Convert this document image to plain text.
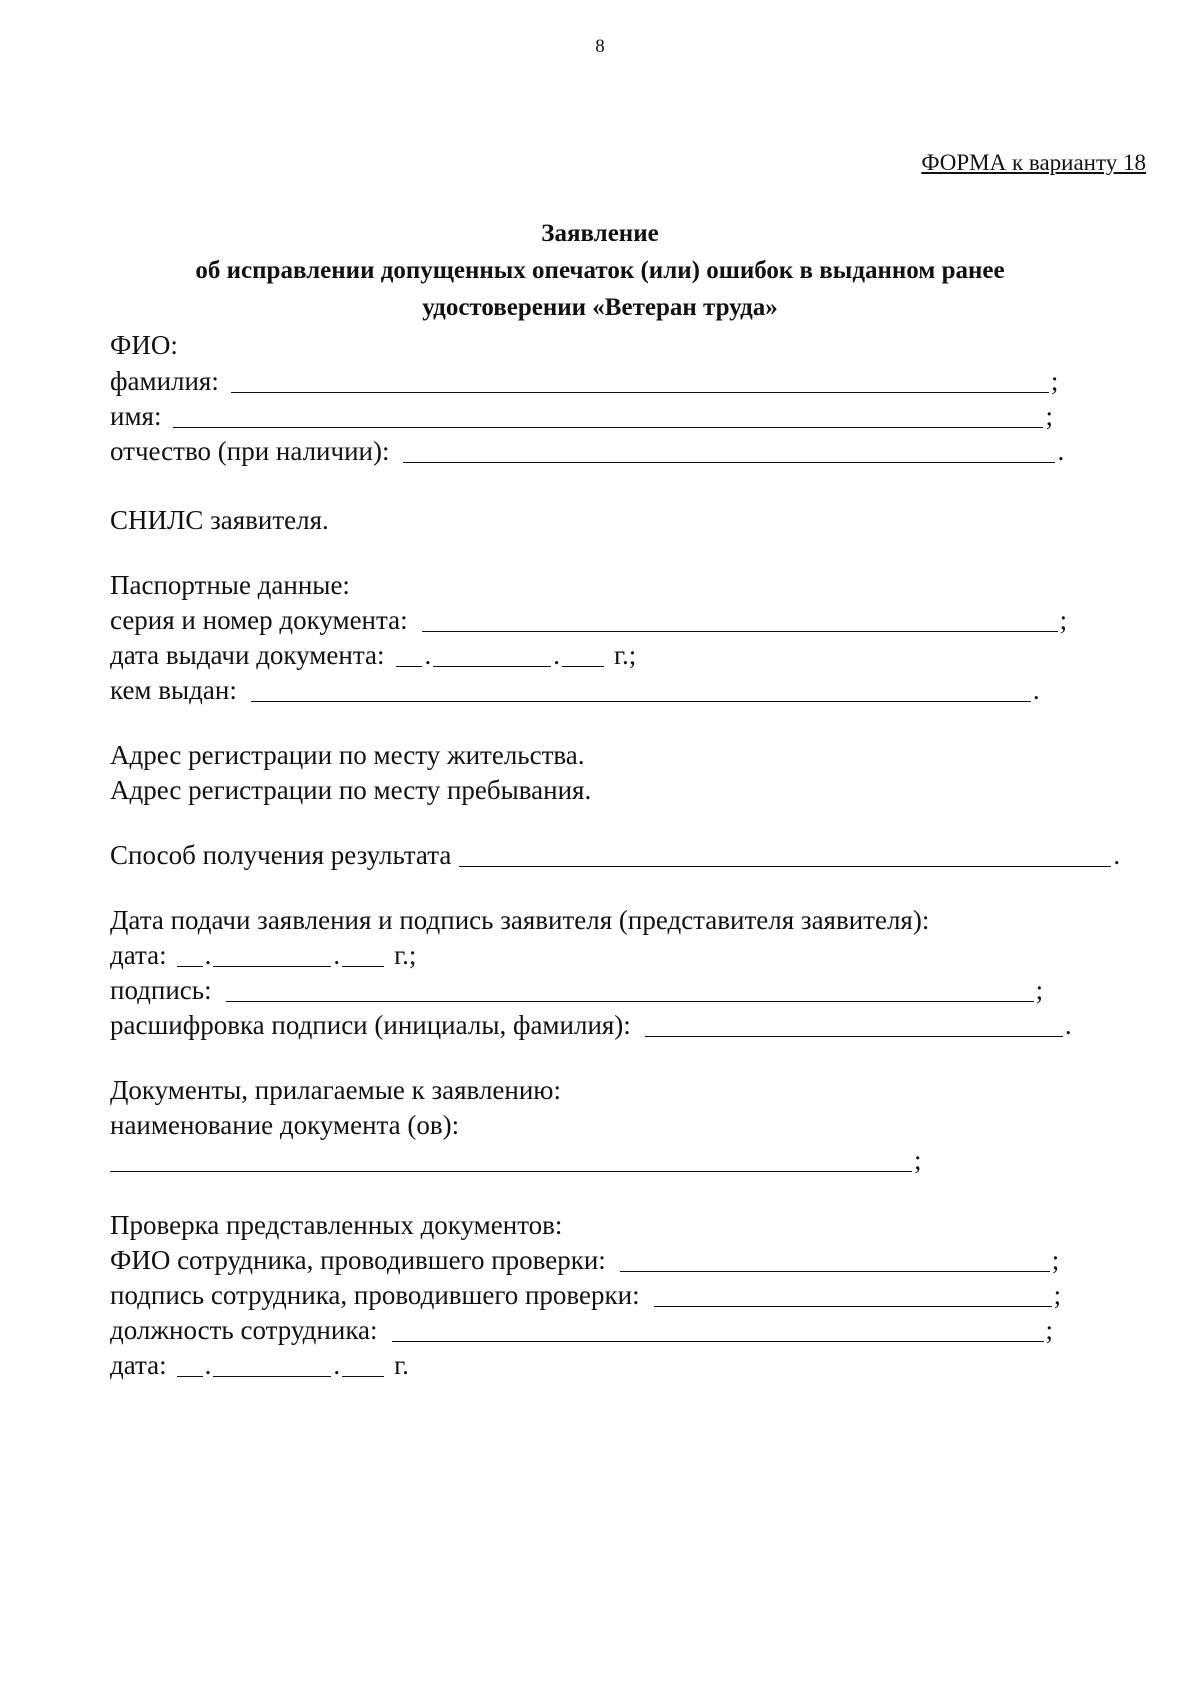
8
ФОРМА к варианту 18
Заявление
об исправлении допущенных опечаток (или) ошибок в выданном ранее
удостоверении «Ветеран труда»
ФИО:
фамилия:	;
имя:	;
отчество (при наличии):	.
СНИЛС заявителя.
Паспортные данные:
серия и номер документа:	;
дата выдачи документа: .	. г.;
кем выдан:	.
Адрес регистрации по месту жительства.
Адрес регистрации по месту пребывания.
Способ получения результата	.
Дата подачи заявления и подпись заявителя (представителя заявителя):
дата: .	. г.;
подпись:	;
расшифровка подписи (инициалы, фамилия):	.
Документы, прилагаемые к заявлению:
наименование документа (ов):
;
Проверка представленных документов:
ФИО сотрудника, проводившего проверки:	;
подпись сотрудника, проводившего проверки:	;
должность сотрудника:	;
дата: .	. г.
